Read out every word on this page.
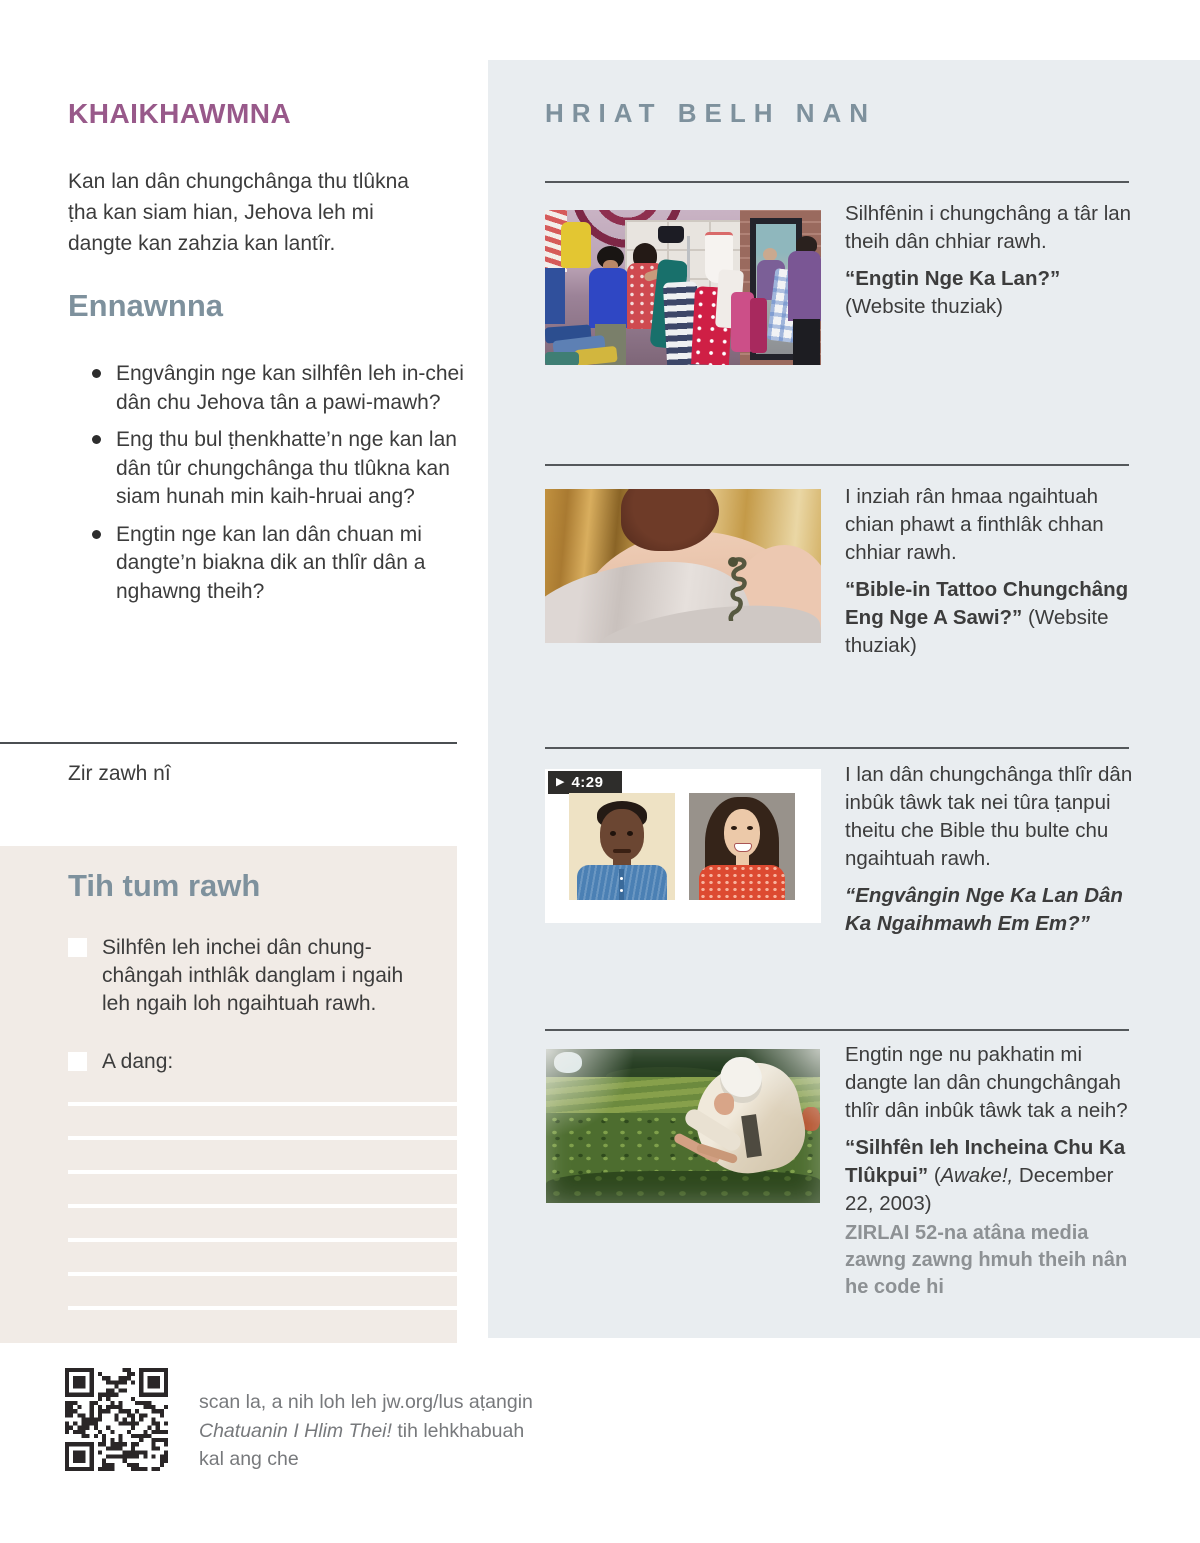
KHAIKHAWMNA

Kan lan dân chungchânga thu tlûkna ṭha kan siam hian, Jehova leh mi dangte kan zahzia kan lantîr.

Ennawnna
Engvângin nge kan silhfên leh in-chei dân chu Jehova tân a pawi-mawh?
Eng thu bul ṭhenkhatte’n nge kan lan dân tûr chungchânga thu tlûkna kan siam hunah min kaih-hruai ang?
Engtin nge kan lan dân chuan mi dangte’n biakna dik an thlîr dân a nghawng theih?

Zir zawh nî

Tih tum rawh
Silhfên leh inchei dân chung-chângah inthlâk danglam i ngaih leh ngaih loh ngaihtuah rawh.
A dang:
HRIAT BELH NAN

Silhfênin i chungchâng a târ lan theih dân chhiar rawh.

“Engtin Nge Ka Lan?” (Website thuziak)

I inziah rân hmaa ngaihtuah chian phawt a finthlâk chhan chhiar rawh.

“Bible-in Tattoo Chungchâng Eng Nge A Sawi?” (Website thuziak)

▶ 4:29	I lan dân chungchânga thlîr dân inbûk tâwk tak nei tûra ṭanpui theitu che Bible thu bulte chu ngaihtuah rawh.

“Engvângin Nge Ka Lan Dân Ka Ngaihmawh Em Em?”

Engtin nge nu pakhatin mi dangte lan dân chungchângah thlîr dân inbûk tâwk tak a neih?

“Silhfên leh Incheina Chu Ka Tlûkpui” (Awake!, December 22, 2003)

ZIRLAI 52-na atâna media zawng zawng hmuh theih nân he code hi

scan la, a nih loh leh jw.org/lus aṭangin Chatuanin I Hlim Thei! tih lehkhabuah kal ang che
